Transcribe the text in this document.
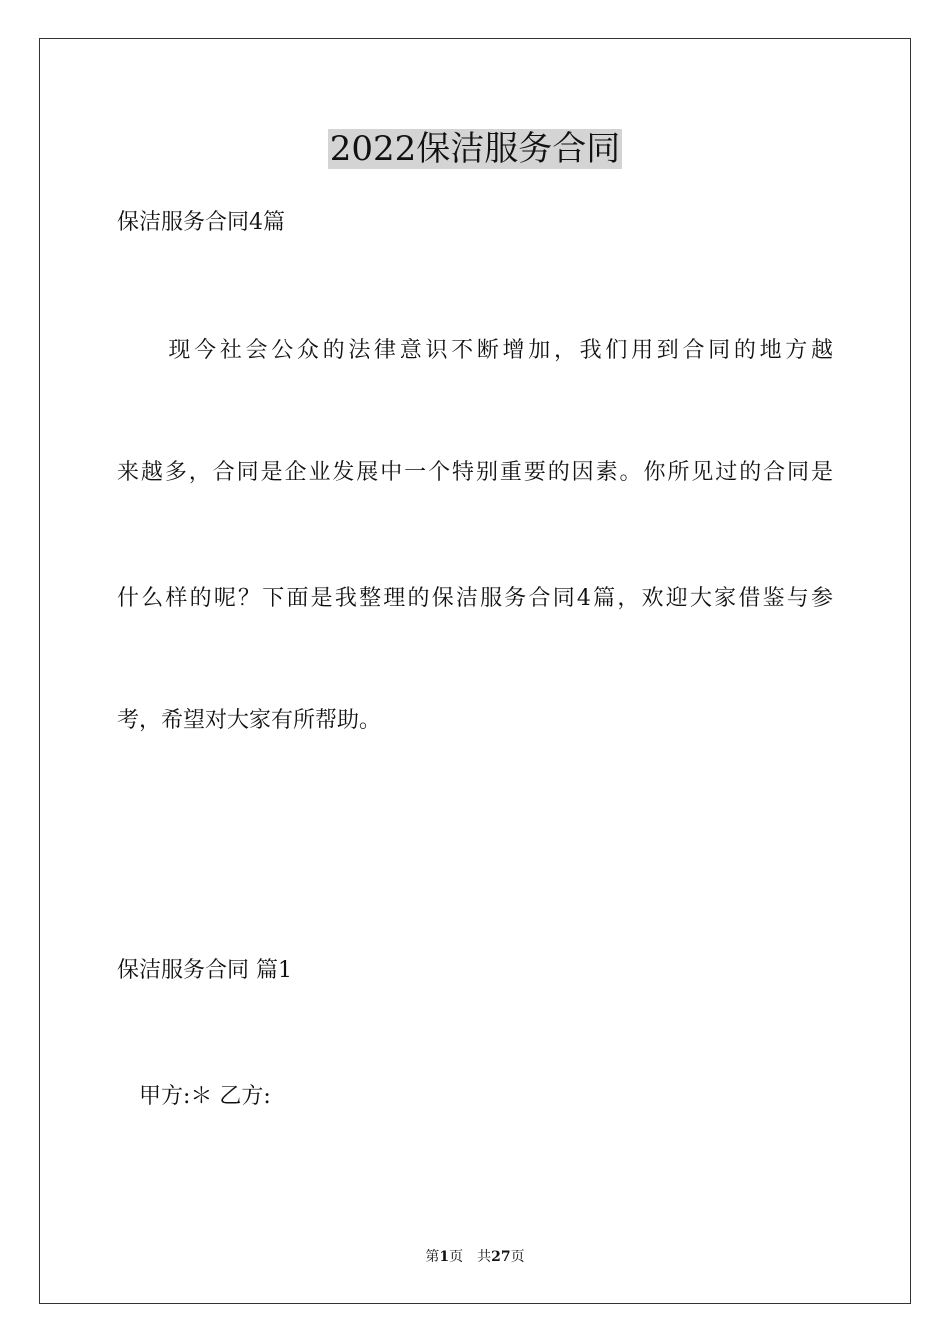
2022保洁服务合同

保洁服务合同4篇

　　现今社会公众的法律意识不断增加，我们用到合同的地方越

来越多，合同是企业发展中一个特别重要的因素。你所见过的合同是

什么样的呢？下面是我整理的保洁服务合同4篇，欢迎大家借鉴与参

考，希望对大家有所帮助。

保洁服务合同 篇1

　甲方:＊ 乙方:

第1页　共27页
